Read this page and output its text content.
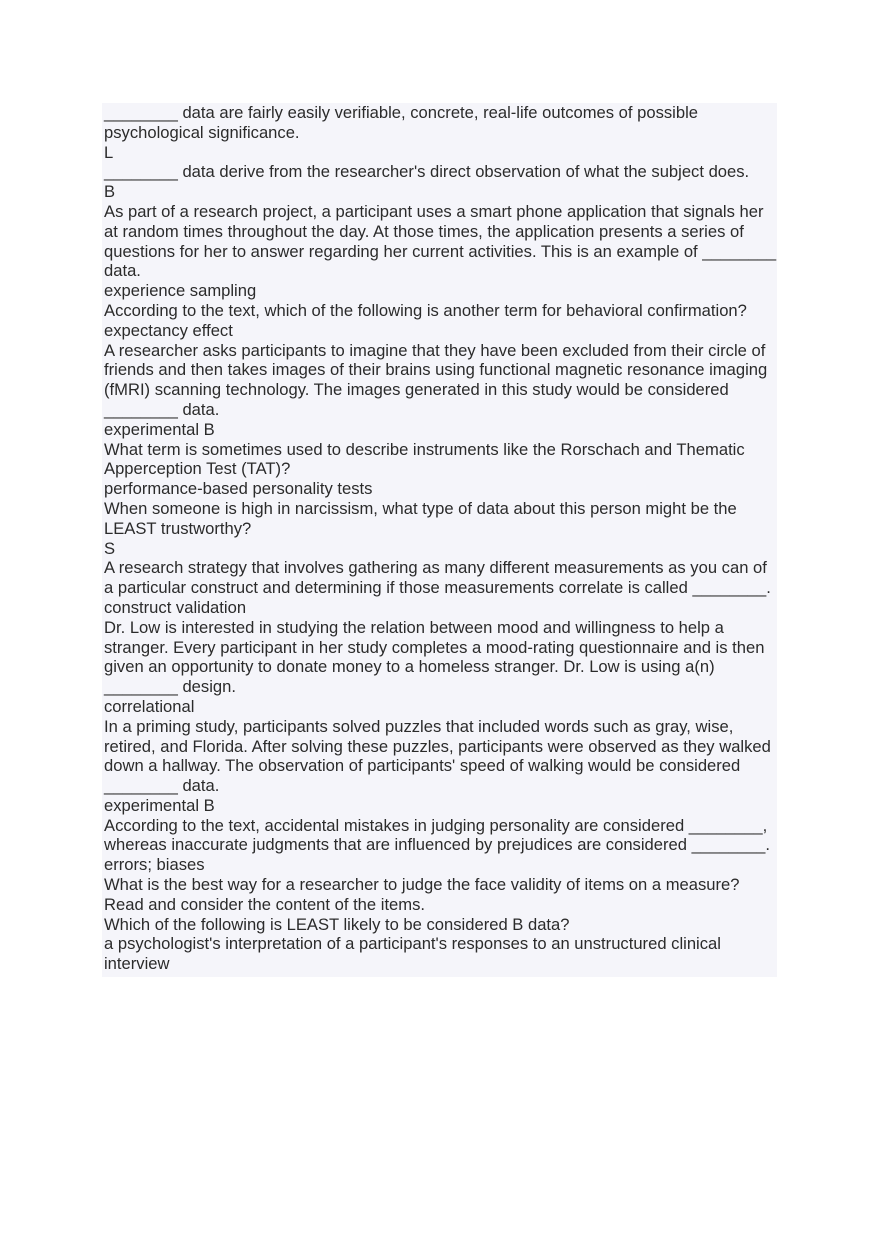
________ data are fairly easily verifiable, concrete, real-life outcomes of possible psychological significance.
L
________ data derive from the researcher's direct observation of what the subject does.
B
As part of a research project, a participant uses a smart phone application that signals her at random times throughout the day. At those times, the application presents a series of questions for her to answer regarding her current activities. This is an example of ________ data.
experience sampling
According to the text, which of the following is another term for behavioral confirmation?
expectancy effect
A researcher asks participants to imagine that they have been excluded from their circle of friends and then takes images of their brains using functional magnetic resonance imaging (fMRI) scanning technology. The images generated in this study would be considered ________ data.
experimental B
What term is sometimes used to describe instruments like the Rorschach and Thematic Apperception Test (TAT)?
performance-based personality tests
When someone is high in narcissism, what type of data about this person might be the LEAST trustworthy?
S
A research strategy that involves gathering as many different measurements as you can of a particular construct and determining if those measurements correlate is called ________.
construct validation
Dr. Low is interested in studying the relation between mood and willingness to help a stranger. Every participant in her study completes a mood-rating questionnaire and is then given an opportunity to donate money to a homeless stranger. Dr. Low is using a(n) ________ design.
correlational
In a priming study, participants solved puzzles that included words such as gray, wise, retired, and Florida. After solving these puzzles, participants were observed as they walked down a hallway. The observation of participants' speed of walking would be considered ________ data.
experimental B
According to the text, accidental mistakes in judging personality are considered ________, whereas inaccurate judgments that are influenced by prejudices are considered ________.
errors; biases
What is the best way for a researcher to judge the face validity of items on a measure?
Read and consider the content of the items.
Which of the following is LEAST likely to be considered B data?
a psychologist's interpretation of a participant's responses to an unstructured clinical interview
